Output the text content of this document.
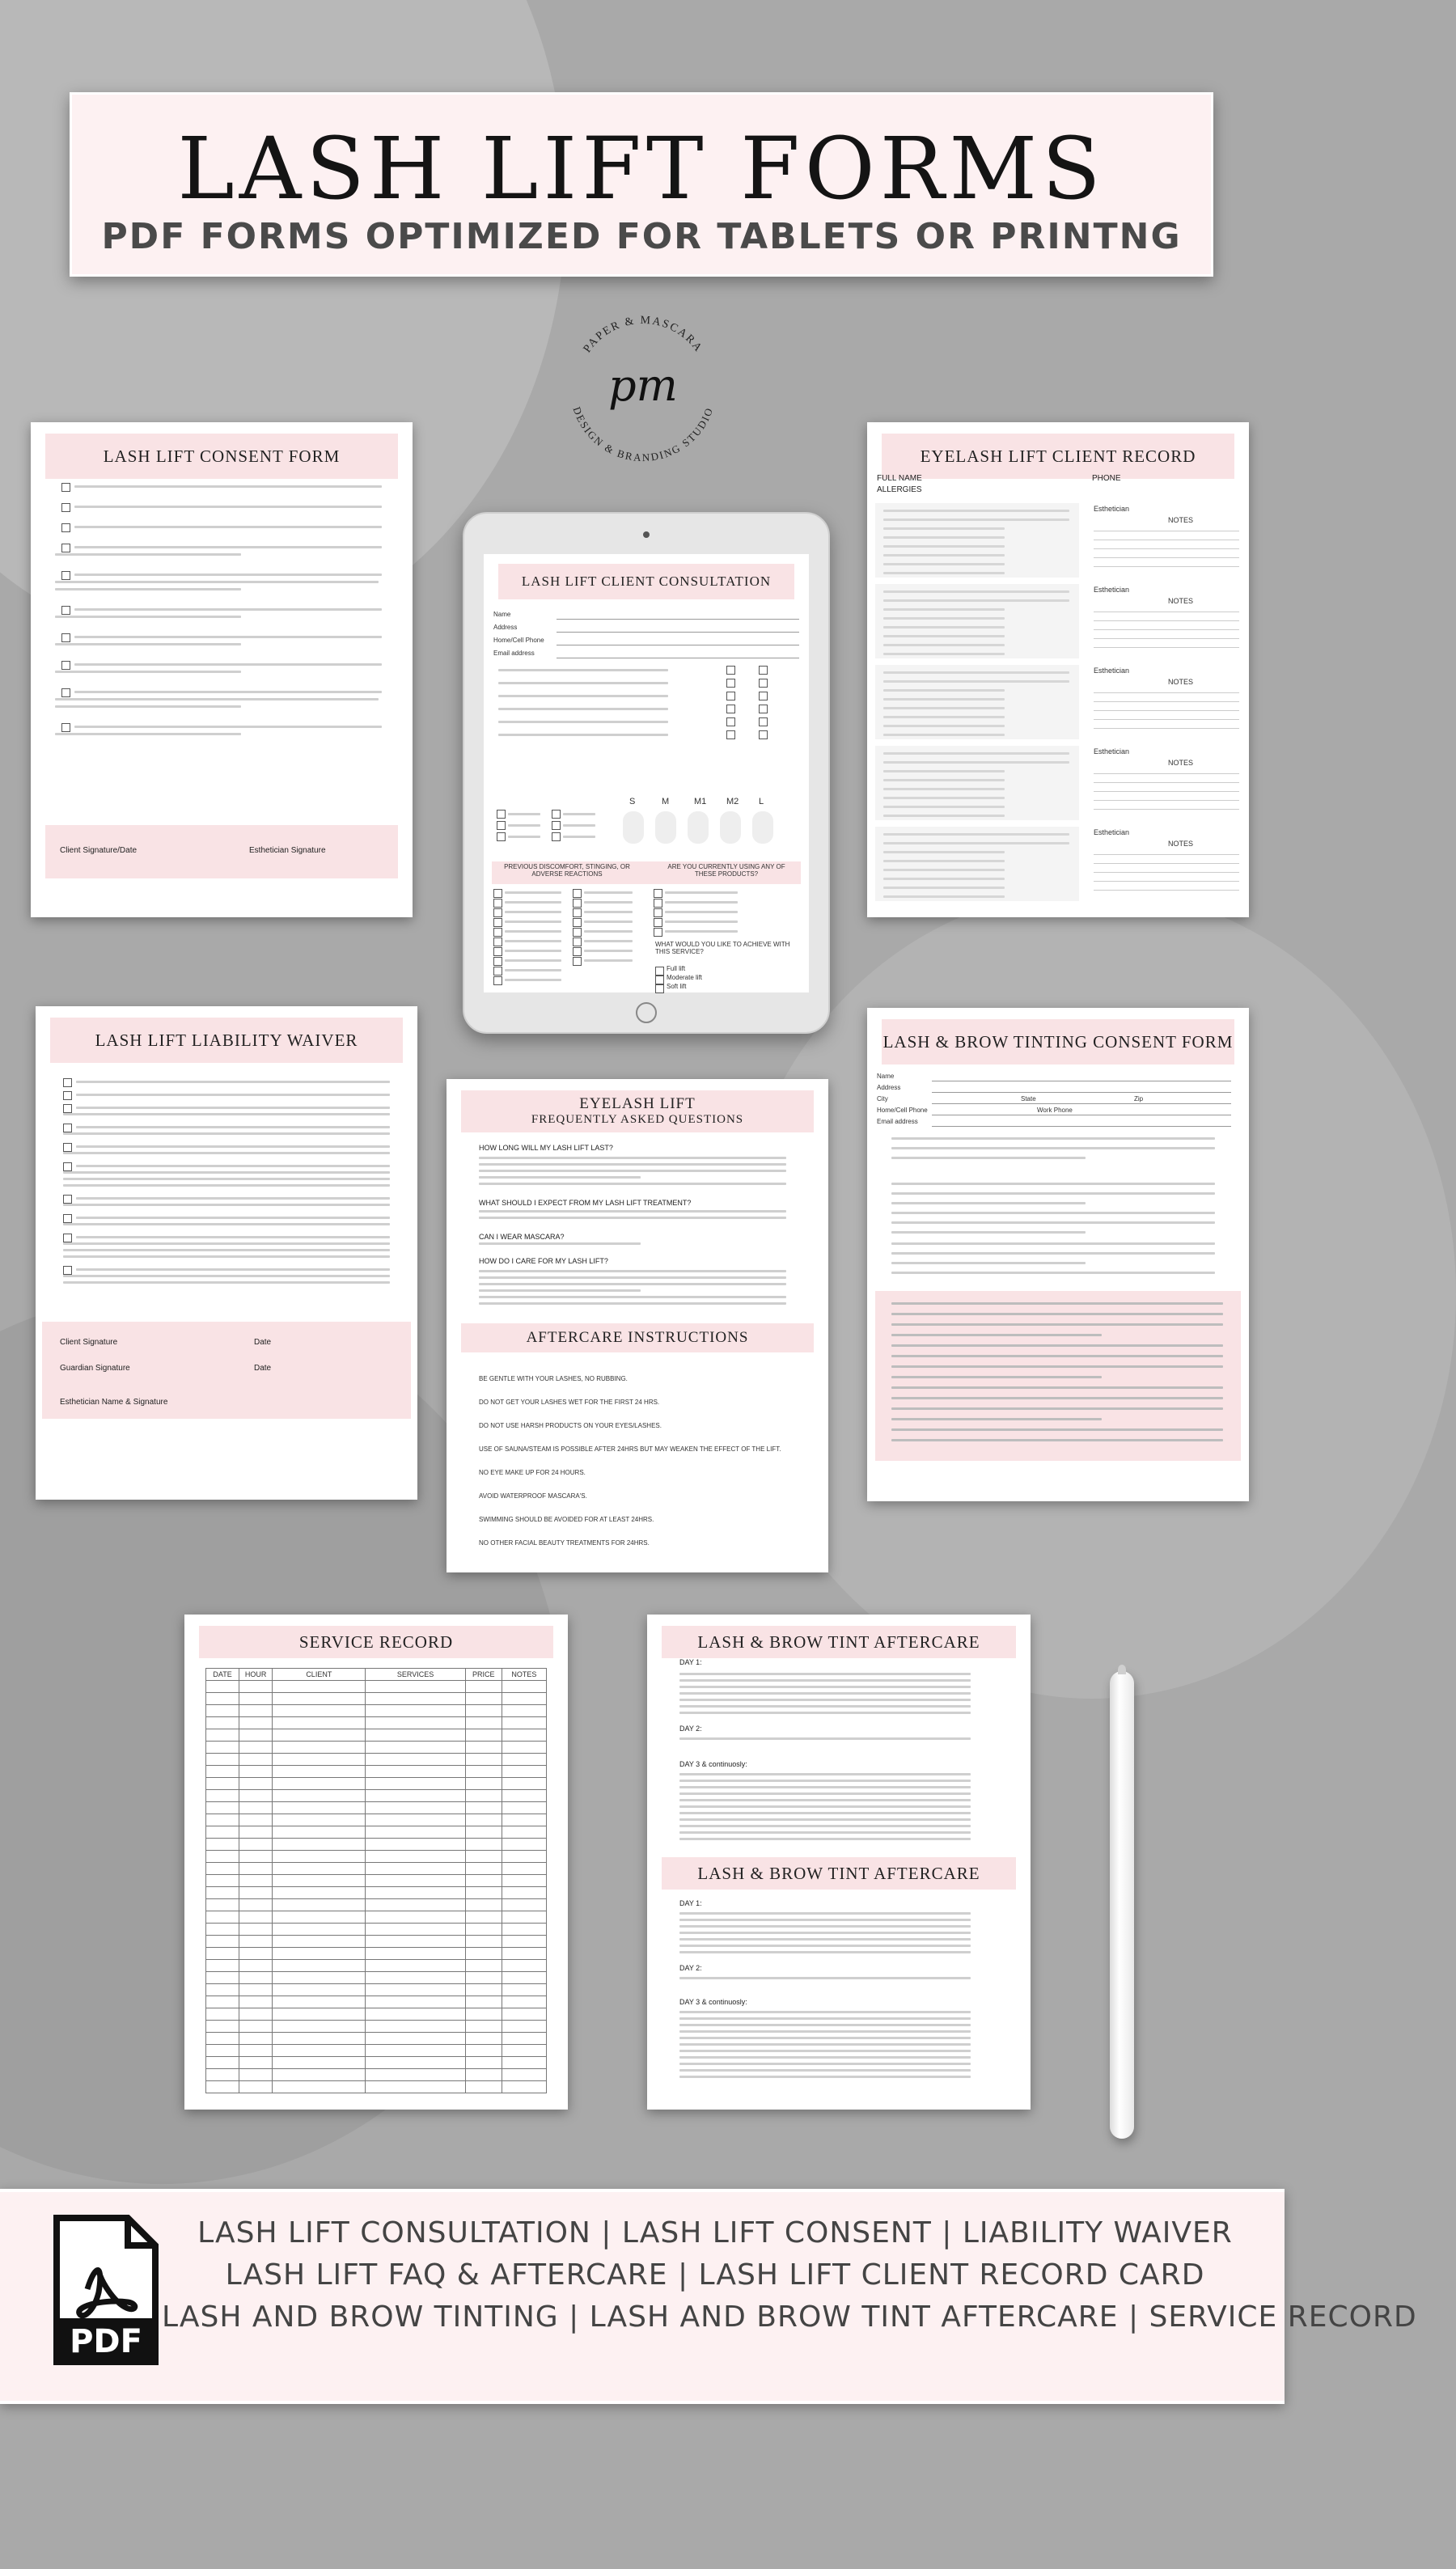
LASH LIFT FORMS
PDF FORMS OPTIMIZED FOR TABLETS OR PRINTNG
PAPER & MASCARA
DESIGN & BRANDING STUDIO
pm
LASH LIFT CONSENT FORM
Client Signature/Date	Esthetician Signature
EYELASH LIFT CLIENT RECORD
FULL NAME	PHONE
ALLERGIES
Esthetician
NOTES
Esthetician
NOTES
Esthetician
NOTES
Esthetician
NOTES
Esthetician
NOTES
LASH LIFT CLIENT CONSULTATION
PREVIOUS DISCOMFORT, STINGING, OR ADVERSE REACTIONS
ARE YOU CURRENTLY USING ANY OF THESE PRODUCTS?
WHAT WOULD YOU LIKE TO ACHIEVE WITH THIS SERVICE?
Name
Address
Home/Cell Phone
Email address
S	M	M1 M2 L
Full lift
Moderate lift
Soft lift
LASH LIFT LIABILITY WAIVER
Client Signature	Date
Guardian Signature	Date
Esthetician Name & Signature
EYELASH LIFT
FREQUENTLY ASKED QUESTIONS
HOW LONG WILL MY LASH LIFT LAST?
WHAT SHOULD I EXPECT FROM MY LASH LIFT TREATMENT?
CAN I WEAR MASCARA?
HOW DO I CARE FOR MY LASH LIFT?
AFTERCARE INSTRUCTIONS
BE GENTLE WITH YOUR LASHES, NO RUBBING.
DO NOT GET YOUR LASHES WET FOR THE FIRST 24 HRS.
DO NOT USE HARSH PRODUCTS ON YOUR EYES/LASHES.
USE OF SAUNA/STEAM IS POSSIBLE AFTER 24HRS BUT MAY WEAKEN THE EFFECT OF THE LIFT.
NO EYE MAKE UP FOR 24 HOURS.
AVOID WATERPROOF MASCARA'S.
SWIMMING SHOULD BE AVOIDED FOR AT LEAST 24HRS.
NO OTHER FACIAL BEAUTY TREATMENTS FOR 24HRS.
LASH & BROW TINTING CONSENT FORM
Name
Address
City	State	Zip
Home/Cell Phone	Work Phone
Email address
SERVICE RECORD
DATE	HOUR	CLIENT	SERVICES	PRICE	NOTES

LASH & BROW TINT AFTERCARE
LASH & BROW TINT AFTERCARE
DAY 1:
DAY 2:
DAY 3 & continuosly:
DAY 1:
DAY 2:
DAY 3 & continuosly:
LASH LIFT CONSULTATION | LASH LIFT CONSENT | LIABILITY WAIVER
LASH LIFT FAQ & AFTERCARE | LASH LIFT CLIENT RECORD CARD
LASH AND BROW TINTING | LASH AND BROW TINT AFTERCARE | SERVICE RECORD
PDF
